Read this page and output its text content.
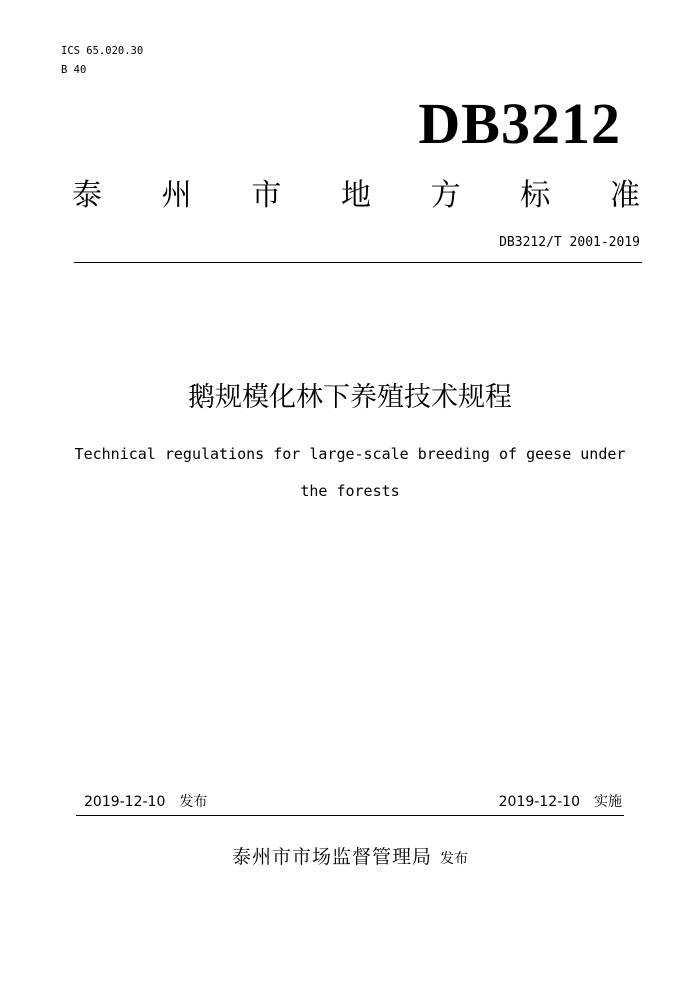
ICS 65.020.30
B 40
DB3212
泰 州 市 地 方 标 准
DB3212/T 2001-2019
鹅规模化林下养殖技术规程
Technical regulations for large-scale breeding of geese under
the forests
2019-12-10 发布	2019-12-10 实施
泰州市市场监督管理局 发布
